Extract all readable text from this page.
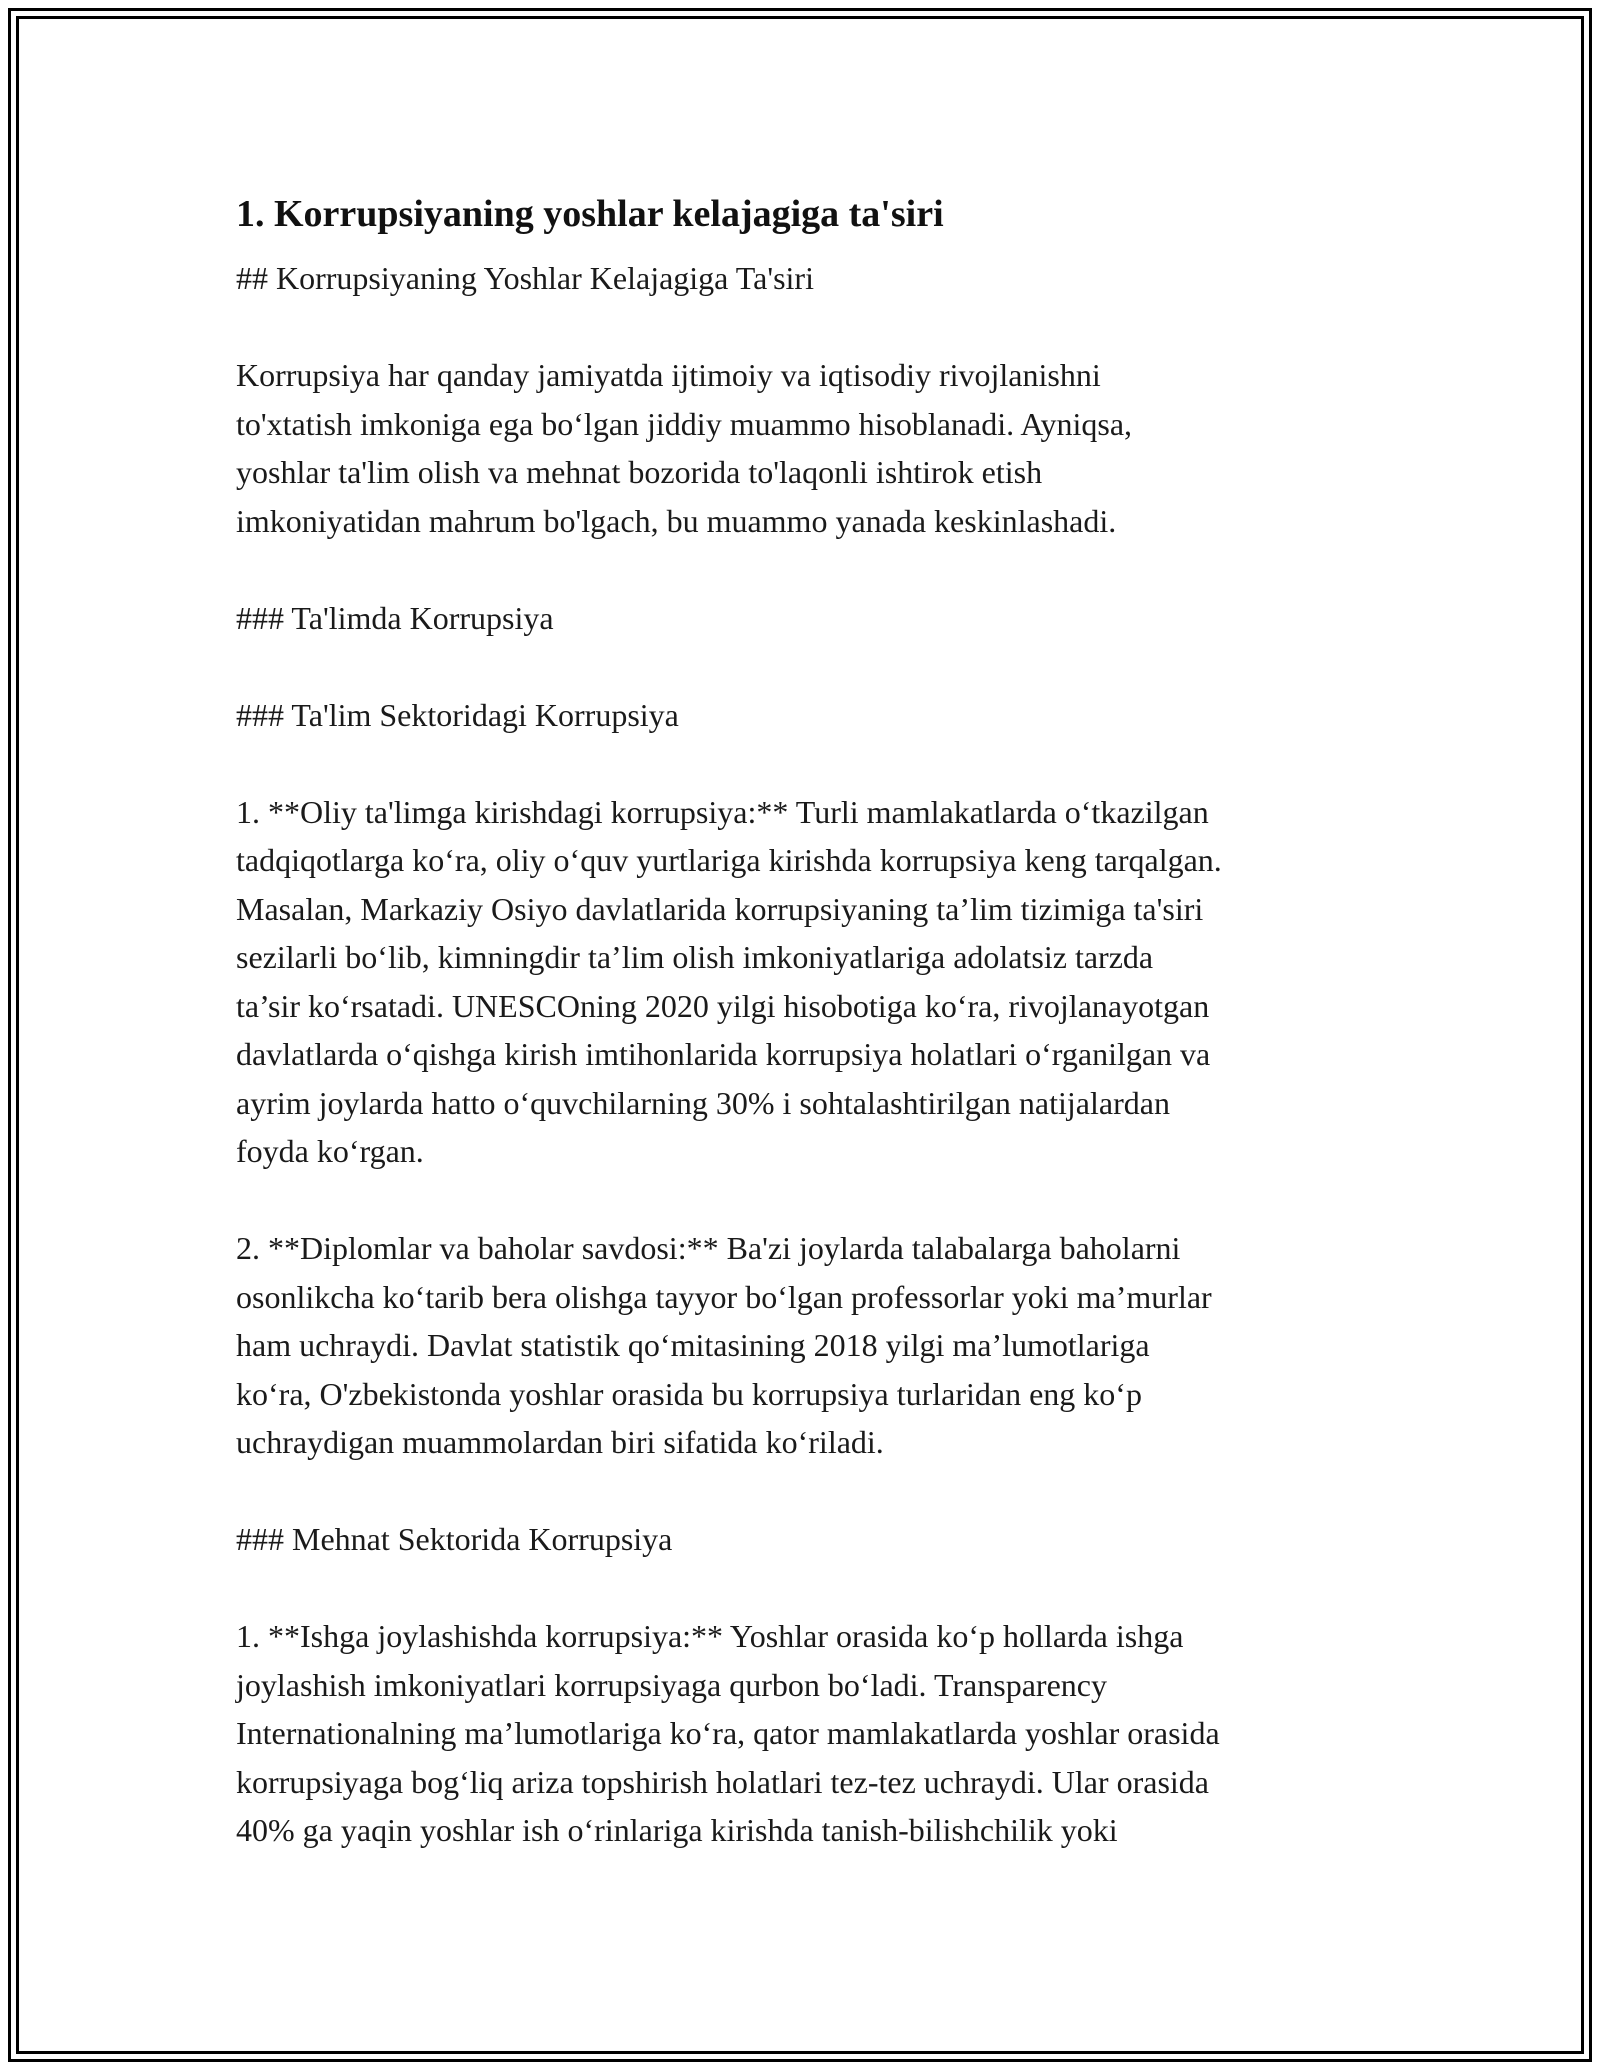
1. Korrupsiyaning yoshlar kelajagiga ta'siri

## Korrupsiyaning Yoshlar Kelajagiga Ta'siri

Korrupsiya har qanday jamiyatda ijtimoiy va iqtisodiy rivojlanishni
to'xtatish imkoniga ega bo‘lgan jiddiy muammo hisoblanadi. Ayniqsa,
yoshlar ta'lim olish va mehnat bozorida to'laqonli ishtirok etish
imkoniyatidan mahrum bo'lgach, bu muammo yanada keskinlashadi.

### Ta'limda Korrupsiya

### Ta'lim Sektoridagi Korrupsiya

1. **Oliy ta'limga kirishdagi korrupsiya:** Turli mamlakatlarda o‘tkazilgan
tadqiqotlarga ko‘ra, oliy o‘quv yurtlariga kirishda korrupsiya keng tarqalgan.
Masalan, Markaziy Osiyo davlatlarida korrupsiyaning ta’lim tizimiga ta'siri
sezilarli bo‘lib, kimningdir ta’lim olish imkoniyatlariga adolatsiz tarzda
ta’sir ko‘rsatadi. UNESCOning 2020 yilgi hisobotiga ko‘ra, rivojlanayotgan
davlatlarda o‘qishga kirish imtihonlarida korrupsiya holatlari o‘rganilgan va
ayrim joylarda hatto o‘quvchilarning 30% i sohtalashtirilgan natijalardan
foyda ko‘rgan.

2. **Diplomlar va baholar savdosi:** Ba'zi joylarda talabalarga baholarni
osonlikcha ko‘tarib bera olishga tayyor bo‘lgan professorlar yoki ma’murlar
ham uchraydi. Davlat statistik qo‘mitasining 2018 yilgi ma’lumotlariga
ko‘ra, O'zbekistonda yoshlar orasida bu korrupsiya turlaridan eng ko‘p
uchraydigan muammolardan biri sifatida ko‘riladi.

### Mehnat Sektorida Korrupsiya

1. **Ishga joylashishda korrupsiya:** Yoshlar orasida ko‘p hollarda ishga
joylashish imkoniyatlari korrupsiyaga qurbon bo‘ladi. Transparency
Internationalning ma’lumotlariga ko‘ra, qator mamlakatlarda yoshlar orasida
korrupsiyaga bog‘liq ariza topshirish holatlari tez-tez uchraydi. Ular orasida
40% ga yaqin yoshlar ish o‘rinlariga kirishda tanish-bilishchilik yoki
